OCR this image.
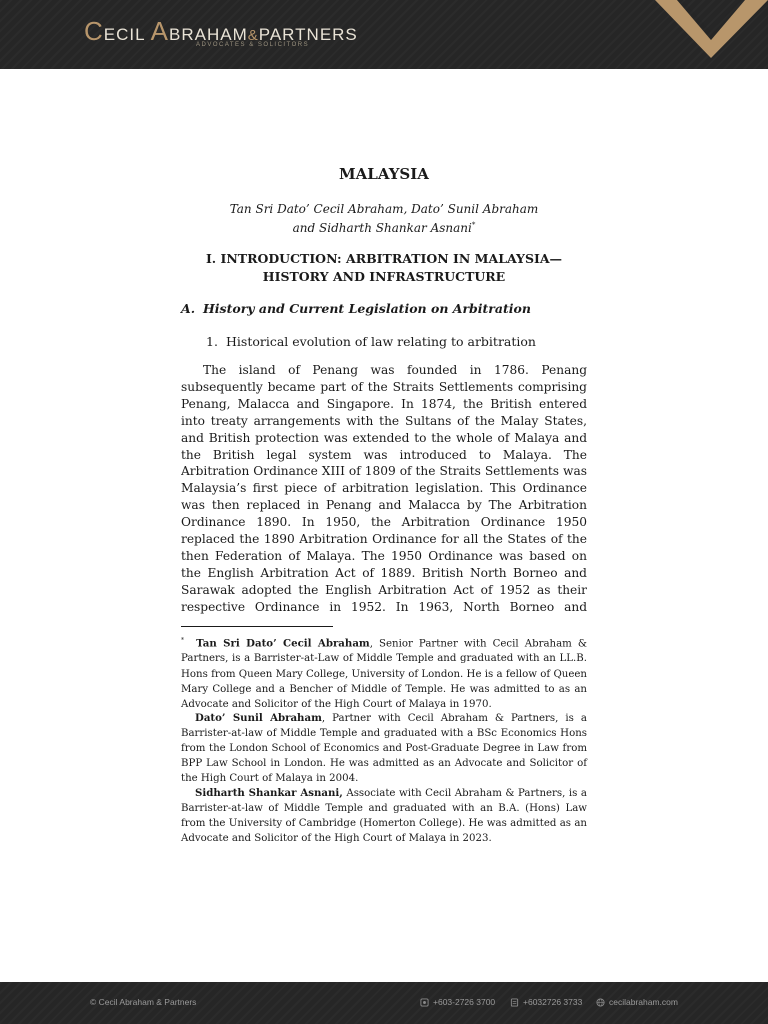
CECIL ABRAHAM&PARTNERS
ADVOCATES & SOLICITORS
MALAYSIA
Tan Sri Dato’ Cecil Abraham, Dato’ Sunil Abraham
and Sidharth Shankar Asnani*
I. INTRODUCTION: ARBITRATION IN MALAYSIA—
HISTORY AND INFRASTRUCTURE
A. History and Current Legislation on Arbitration
1. Historical evolution of law relating to arbitration

The island of Penang was founded in 1786. Penang subsequently became part of the Straits Settlements comprising Penang, Malacca and Singapore. In 1874, the British entered into treaty arrangements with the Sultans of the Malay States, and British protection was extended to the whole of Malaya and the British legal system was introduced to Malaya. The Arbitration Ordinance XIII of 1809 of the Straits Settlements was Malaysia’s first piece of arbitration legislation. This Ordinance was then replaced in Penang and Malacca by The Arbitration Ordinance 1890. In 1950, the Arbitration Ordinance 1950 replaced the 1890 Arbitration Ordinance for all the States of the then Federation of Malaya. The 1950 Ordinance was based on the English Arbitration Act of 1889. British North Borneo and Sarawak adopted the English Arbitration Act of 1952 as their respective Ordinance in 1952. In 1963, North Borneo and

* Tan Sri Dato’ Cecil Abraham, Senior Partner with Cecil Abraham & Partners, is a Barrister-at-Law of Middle Temple and graduated with an LL.B. Hons from Queen Mary College, University of London. He is a fellow of Queen Mary College and a Bencher of Middle of Temple. He was admitted to as an Advocate and Solicitor of the High Court of Malaya in 1970.

Dato’ Sunil Abraham, Partner with Cecil Abraham & Partners, is a Barrister-at-law of Middle Temple and graduated with a BSc Economics Hons from the London School of Economics and Post-Graduate Degree in Law from BPP Law School in London. He was admitted as an Advocate and Solicitor of the High Court of Malaya in 2004.

Sidharth Shankar Asnani, Associate with Cecil Abraham & Partners, is a Barrister-at-law of Middle Temple and graduated with an B.A. (Hons) Law from the University of Cambridge (Homerton College). He was admitted as an Advocate and Solicitor of the High Court of Malaya in 2023.

© Cecil Abraham & Partners	+603-2726 3700	+6032726 3733	cecilabraham.com
